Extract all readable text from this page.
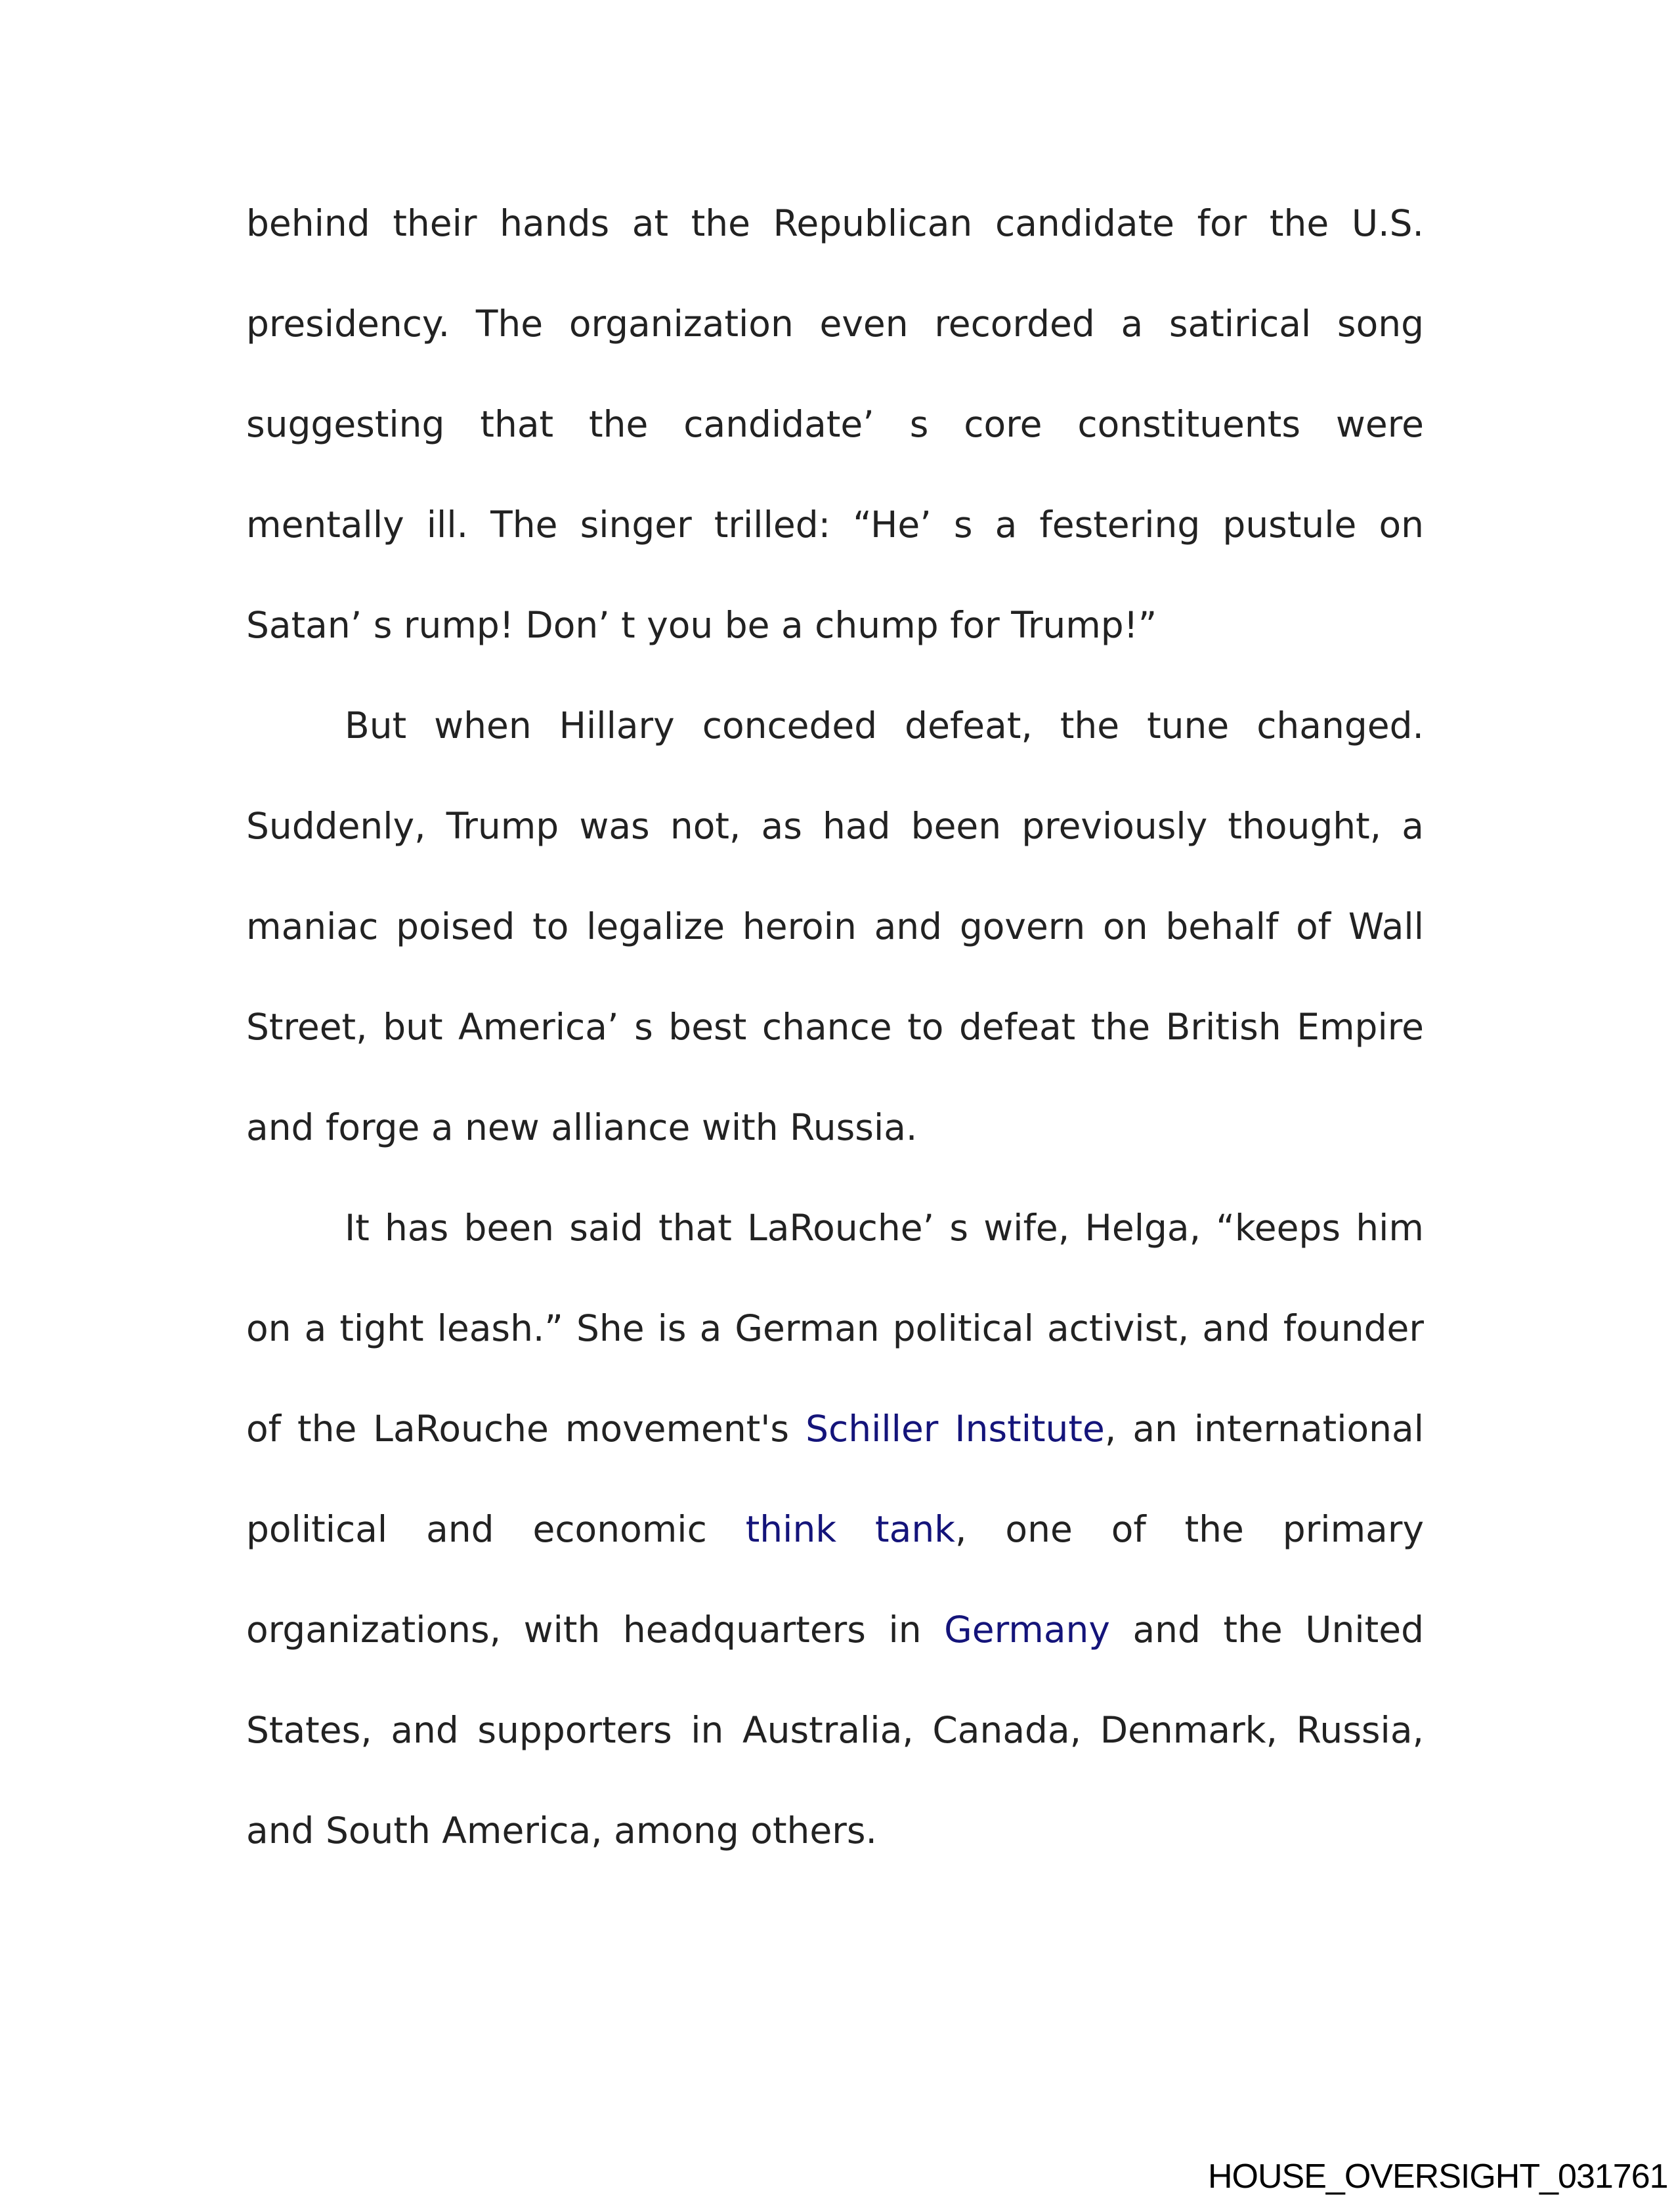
behind their hands at the Republican candidate for the U.S.
presidency. The organization even recorded a satirical song
suggesting that the candidate’ s core constituents were
mentally ill. The singer trilled: “He’ s a festering pustule on
Satan’ s rump! Don’ t you be a chump for Trump!”
But when Hillary conceded defeat, the tune changed.
Suddenly, Trump was not, as had been previously thought, a
maniac poised to legalize heroin and govern on behalf of Wall
Street, but America’ s best chance to defeat the British Empire
and forge a new alliance with Russia.
It has been said that LaRouche’ s wife, Helga, “keeps him
on a tight leash.” She is a German political activist, and founder
of the LaRouche movement's Schiller Institute, an international
political and economic think tank, one of the primary
organizations, with headquarters in Germany and the United
States, and supporters in Australia, Canada, Denmark, Russia,
and South America, among others.
HOUSE_OVERSIGHT_031761
